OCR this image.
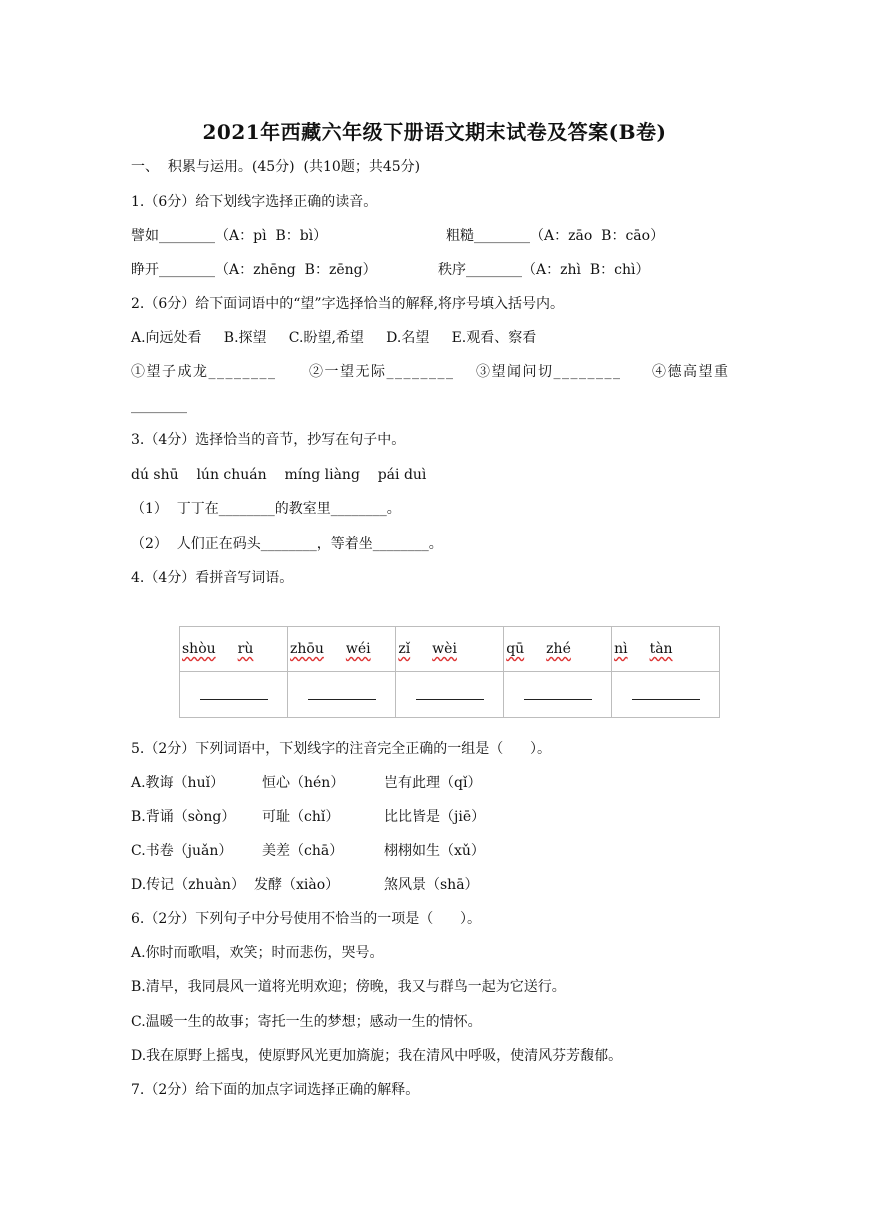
2021年西藏六年级下册语文期末试卷及答案(B卷)
一、  积累与运用。(45分)  (共10题；共45分)
1.（6分）给下划线字选择正确的读音。
譬如________（A：pì  B：bì）	粗糙________（A：zāo  B：cāo）
睁开________（A：zhēng  B：zēng）	秩序________（A：zhì  B：chì）
2.（6分）给下面词语中的“望”字选择恰当的解释,将序号填入括号内。
A.向远处看     B.探望     C.盼望,希望     D.名望     E.观看、察看
①望子成龙________ ②一望无际________ ③望闻问切________ ④德高望重
________
3.（4分）选择恰当的音节，抄写在句子中。
dú shū    lún chuán    míng liàng    pái duì
（1）  丁丁在________的教室里________。
（2）  人们正在码头________，等着坐________。
4.（4分）看拼音写词语。
shòu rù	zhōu wéi	zǐ wèi	qū zhé	nì tàn

5.（2分）下列词语中，下划线字的注音完全正确的一组是（      ）。
A.教诲（huǐ）	恒心（hén）	岂有此理（qǐ）
B.背诵（sòng） 可耻（chǐ）	比比皆是（jiē）
C.书卷（juǎn） 美差（chā）	栩栩如生（xǔ）
D.传记（zhuàn） 发酵（xiào）	煞风景（shā）
6.（2分）下列句子中分号使用不恰当的一项是（      ）。
A.你时而歌唱，欢笑；时而悲伤，哭号。
B.清早，我同晨风一道将光明欢迎；傍晚，我又与群鸟一起为它送行。
C.温暖一生的故事；寄托一生的梦想；感动一生的情怀。
D.我在原野上摇曳，使原野风光更加旖旎；我在清风中呼吸，使清风芬芳馥郁。
7.（2分）给下面的加点字词选择正确的解释。
